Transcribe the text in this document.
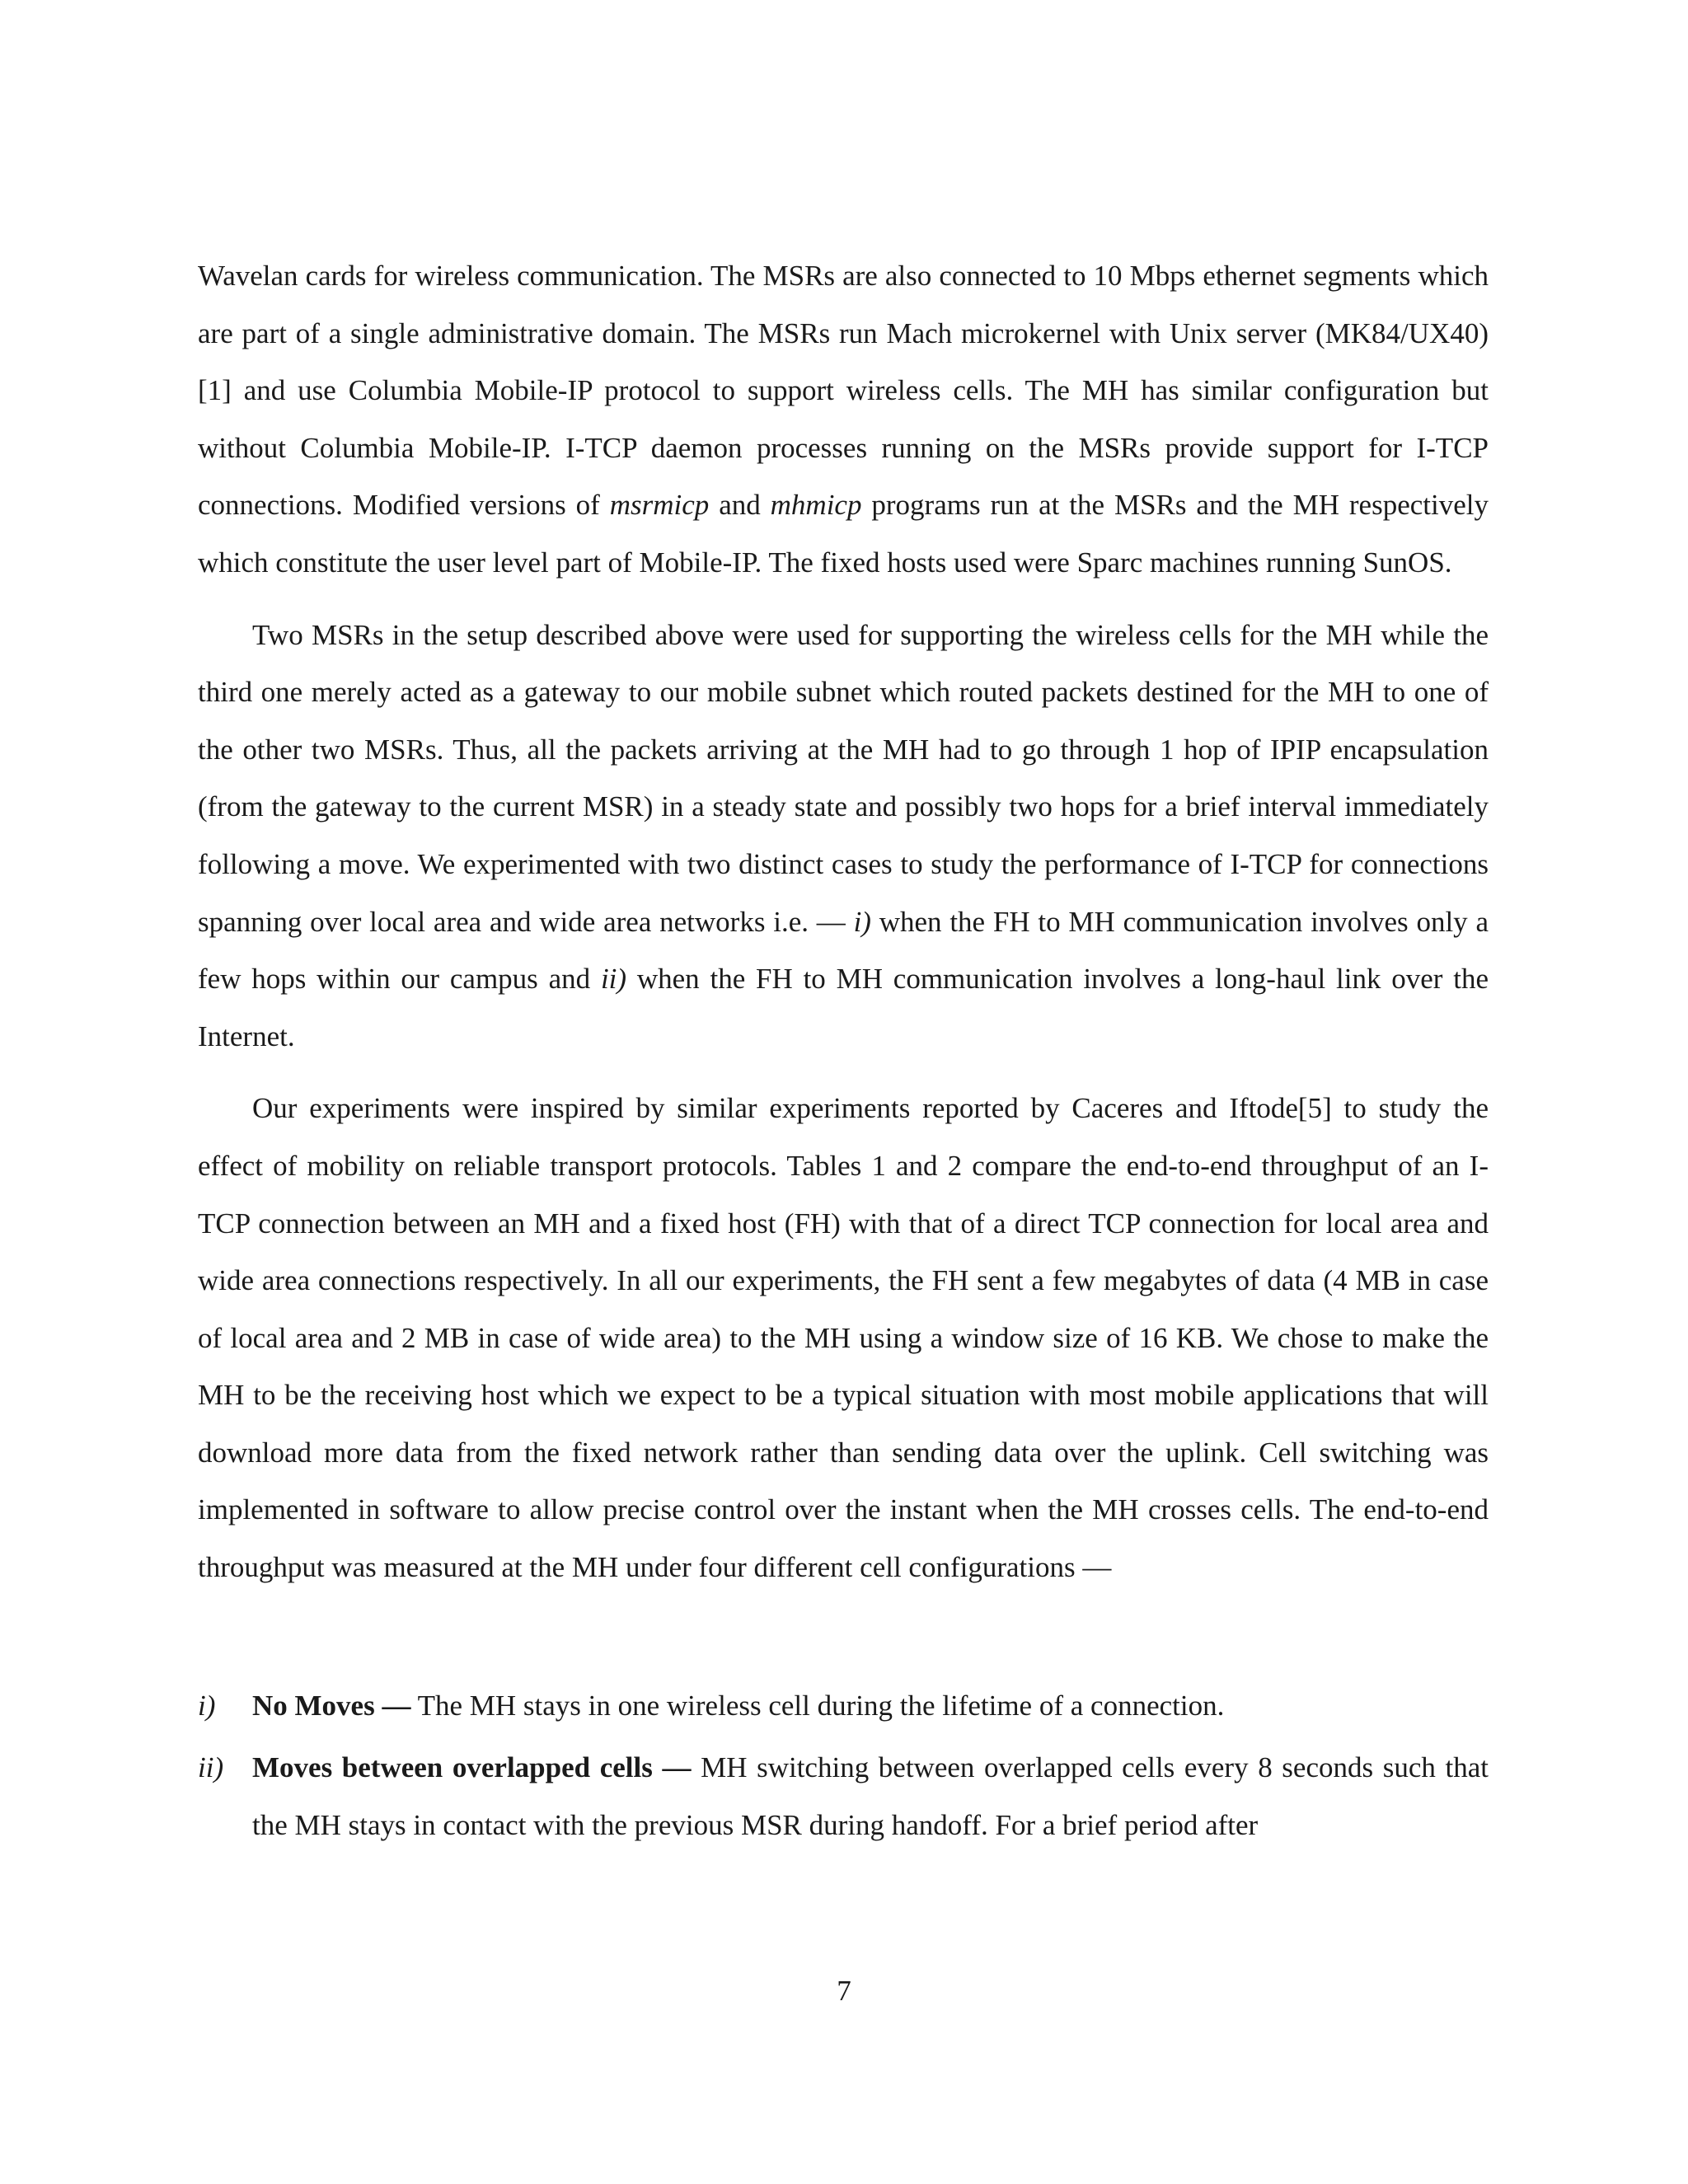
Wavelan cards for wireless communication. The MSRs are also connected to 10 Mbps ethernet segments which are part of a single administrative domain. The MSRs run Mach microkernel with Unix server (MK84/UX40)[1] and use Columbia Mobile-IP protocol to support wireless cells. The MH has similar configuration but without Columbia Mobile-IP. I-TCP daemon processes running on the MSRs provide support for I-TCP connections. Modified versions of msrmicp and mhmicp programs run at the MSRs and the MH respectively which constitute the user level part of Mobile-IP. The fixed hosts used were Sparc machines running SunOS.

Two MSRs in the setup described above were used for supporting the wireless cells for the MH while the third one merely acted as a gateway to our mobile subnet which routed packets destined for the MH to one of the other two MSRs. Thus, all the packets arriving at the MH had to go through 1 hop of IPIP encapsulation (from the gateway to the current MSR) in a steady state and possibly two hops for a brief interval immediately following a move. We experimented with two distinct cases to study the performance of I-TCP for connections spanning over local area and wide area networks i.e. — i) when the FH to MH communication involves only a few hops within our campus and ii) when the FH to MH communication involves a long-haul link over the Internet.

Our experiments were inspired by similar experiments reported by Caceres and Iftode[5] to study the effect of mobility on reliable transport protocols. Tables 1 and 2 compare the end-to-end throughput of an I-TCP connection between an MH and a fixed host (FH) with that of a direct TCP connection for local area and wide area connections respectively. In all our experiments, the FH sent a few megabytes of data (4 MB in case of local area and 2 MB in case of wide area) to the MH using a window size of 16 KB. We chose to make the MH to be the receiving host which we expect to be a typical situation with most mobile applications that will download more data from the fixed network rather than sending data over the uplink. Cell switching was implemented in software to allow precise control over the instant when the MH crosses cells. The end-to-end throughput was measured at the MH under four different cell configurations —

i) No Moves — The MH stays in one wireless cell during the lifetime of a connection.
ii) Moves between overlapped cells — MH switching between overlapped cells every 8 seconds such that the MH stays in contact with the previous MSR during handoff. For a brief period after
7
